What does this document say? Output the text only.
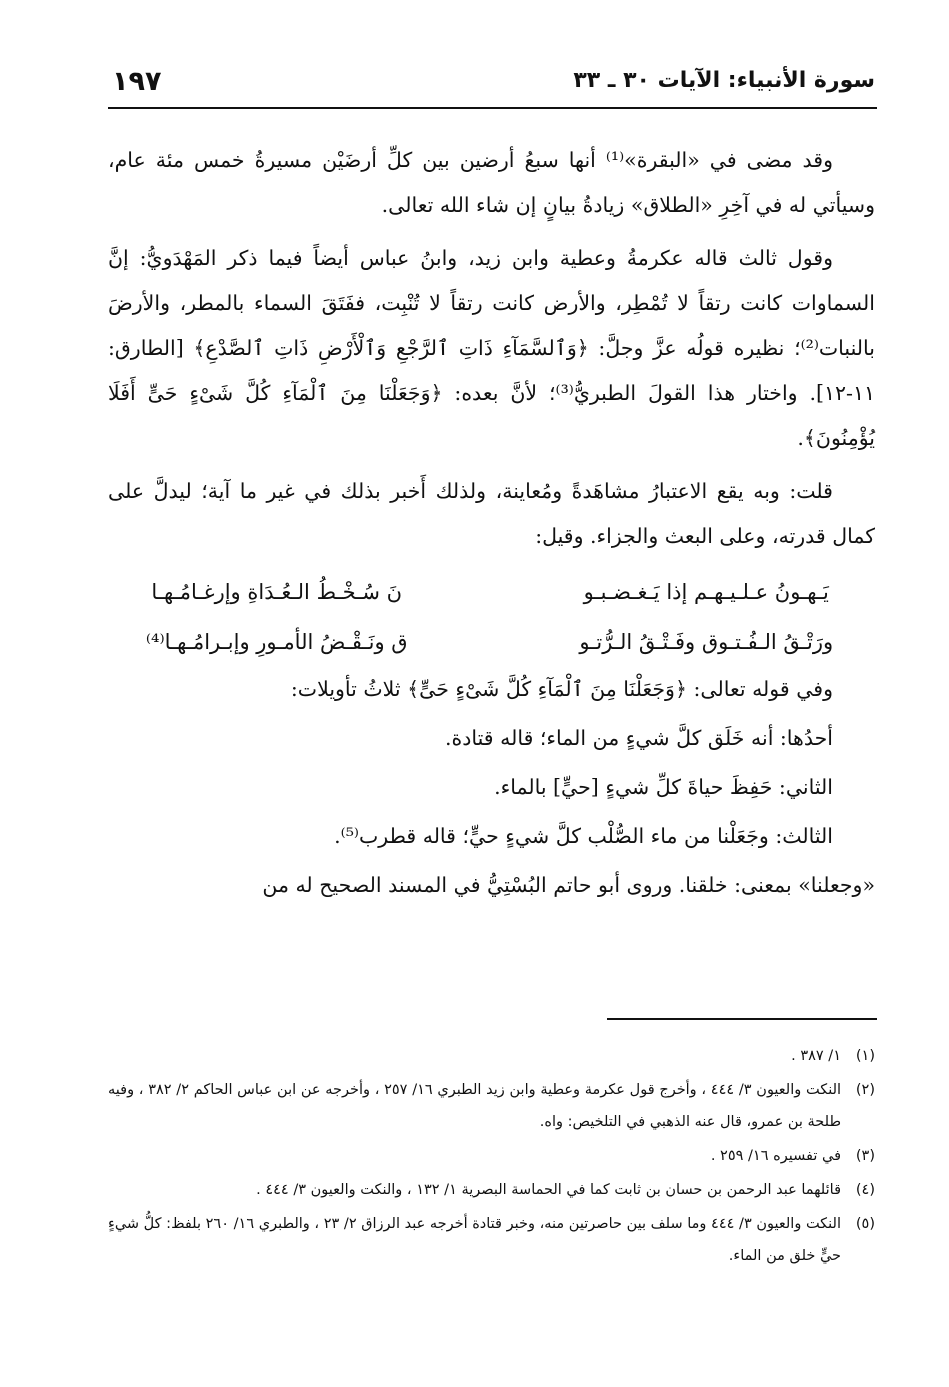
سورة الأنبياء: الآيات ٣٠ ـ ٣٣
١٩٧

وقد مضى في «البقرة»⁽¹⁾ أنها سبعُ أرضين بين كلِّ أرضَيْن مسيرةُ خمس مئة عام، وسيأتي له في آخِرِ «الطلاق» زيادةُ بيانٍ إن شاء الله تعالى.

وقول ثالث قاله عكرمةُ وعطية وابن زيد، وابنُ عباس أيضاً فيما ذكر المَهْدَويُّ: إنَّ السماوات كانت رتقاً لا تُمْطِر، والأرض كانت رتقاً لا تُنْبِت، ففَتَقَ السماء بالمطر، والأرضَ بالنبات⁽²⁾؛ نظيره قولُه عزَّ وجلَّ: ﴿وَٱلسَّمَآءِ ذَاتِ ٱلرَّجْعِ وَٱلْأَرْضِ ذَاتِ ٱلصَّدْعِ﴾ [الطارق: ١١-١٢]. واختار هذا القولَ الطبريُّ⁽³⁾؛ لأنَّ بعده: ﴿وَجَعَلْنَا مِنَ ٱلْمَآءِ كُلَّ شَىْءٍ حَىٍّ أَفَلَا يُؤْمِنُونَ﴾.

قلت: وبه يقع الاعتبارُ مشاهَدةً ومُعاينة، ولذلك أَخبر بذلك في غير ما آية؛ ليدلَّ على كمال قدرته، وعلى البعث والجزاء. وقيل:

يَـهـونُ عـلـيـهـم إذا يَـغـضـبـو
نَ سُـخْـطُ الـعُـدَاةِ وإرغـامُـهـا
ورَتْـقُ الـفُـتـوق وفَـتْـقُ الـرُّتـو
ق ونَـقْـضُ الأمـورِ وإبـرامُـهـا⁽⁴⁾

وفي قوله تعالى: ﴿وَجَعَلْنَا مِنَ ٱلْمَآءِ كُلَّ شَىْءٍ حَىٍّ﴾ ثلاثُ تأويلات:

أحدُها: أنه خَلَق كلَّ شيءٍ من الماء؛ قاله قتادة.

الثاني: حَفِظَ حياةَ كلِّ شيءٍ [حيٍّ] بالماء.

الثالث: وجَعَلْنا من ماء الصُّلْب كلَّ شيءٍ حيٍّ؛ قاله قطرب⁽⁵⁾.

«وجعلنا» بمعنى: خلقنا. وروى أبو حاتم البُسْتِيُّ في المسند الصحيح له من

(١)
١/ ٣٨٧ .
(٢)
النكت والعيون ٣/ ٤٤٤ ، وأخرج قول عكرمة وعطية وابن زيد الطبري ١٦/ ٢٥٧ ، وأخرجه عن ابن عباس الحاكم ٢/ ٣٨٢ ، وفيه طلحة بن عمرو، قال عنه الذهبي في التلخيص: واه.
(٣)
في تفسيره ١٦/ ٢٥٩ .
(٤)
قائلهما عبد الرحمن بن حسان بن ثابت كما في الحماسة البصرية ١/ ١٣٢ ، والنكت والعيون ٣/ ٤٤٤ .
(٥)
النكت والعيون ٣/ ٤٤٤ وما سلف بين حاصرتين منه، وخبر قتادة أخرجه عبد الرزاق ٢/ ٢٣ ، والطبري ١٦/ ٢٦٠ بلفظ: كلُّ شيءٍ حيٍّ خلق من الماء.
